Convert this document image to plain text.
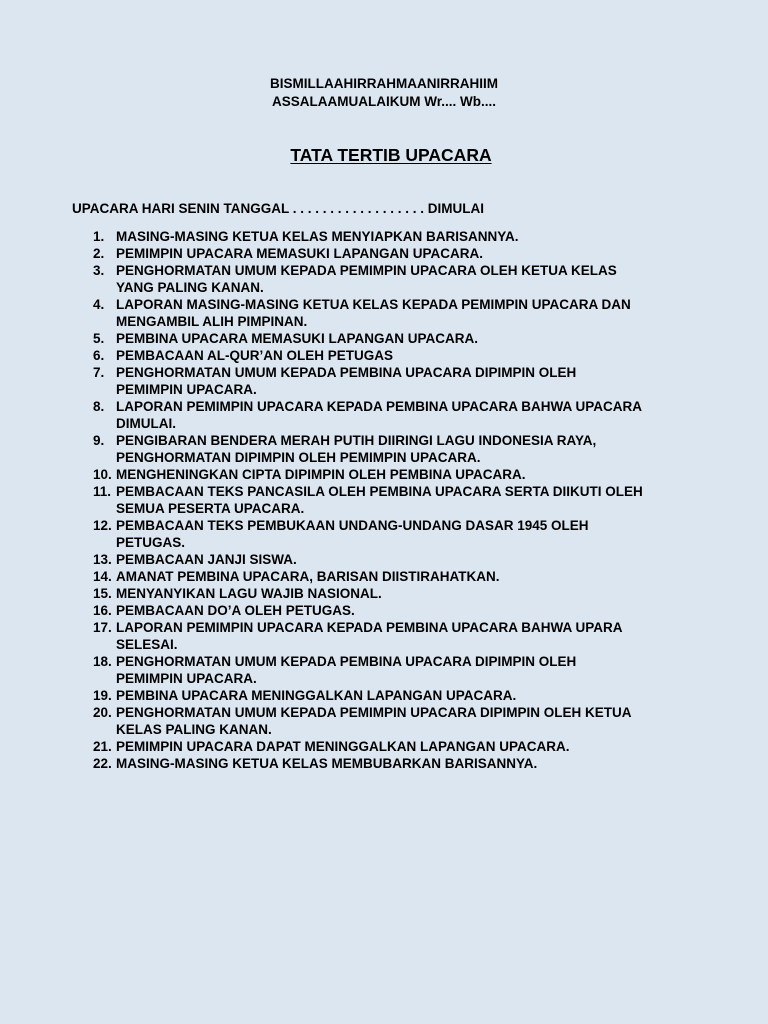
BISMILLAAHIRRAHMAANIRRAHIIM
ASSALAAMUALAIKUM Wr.... Wb....
TATA TERTIB UPACARA
UPACARA HARI SENIN TANGGAL . . . . . . . . . . . . . . . . . . DIMULAI
1. MASING-MASING KETUA KELAS MENYIAPKAN BARISANNYA.
2. PEMIMPIN UPACARA MEMASUKI LAPANGAN UPACARA.
3. PENGHORMATAN UMUM KEPADA PEMIMPIN UPACARA OLEH KETUA KELAS
YANG PALING KANAN.
4. LAPORAN MASING-MASING KETUA KELAS KEPADA PEMIMPIN UPACARA DAN
MENGAMBIL ALIH PIMPINAN.
5. PEMBINA UPACARA MEMASUKI LAPANGAN UPACARA.
6. PEMBACAAN AL-QUR’AN OLEH PETUGAS
7. PENGHORMATAN UMUM KEPADA PEMBINA UPACARA DIPIMPIN OLEH
PEMIMPIN UPACARA.
8. LAPORAN PEMIMPIN UPACARA KEPADA PEMBINA UPACARA BAHWA UPACARA
DIMULAI.
9. PENGIBARAN BENDERA MERAH PUTIH DIIRINGI LAGU INDONESIA RAYA,
PENGHORMATAN DIPIMPIN OLEH PEMIMPIN UPACARA.
10. MENGHENINGKAN CIPTA DIPIMPIN OLEH PEMBINA UPACARA.
11. PEMBACAAN TEKS PANCASILA OLEH PEMBINA UPACARA SERTA DIIKUTI OLEH
SEMUA PESERTA UPACARA.
12. PEMBACAAN TEKS PEMBUKAAN UNDANG-UNDANG DASAR 1945 OLEH
PETUGAS.
13. PEMBACAAN JANJI SISWA.
14. AMANAT PEMBINA UPACARA, BARISAN DIISTIRAHATKAN.
15. MENYANYIKAN LAGU WAJIB NASIONAL.
16. PEMBACAAN DO’A OLEH PETUGAS.
17. LAPORAN PEMIMPIN UPACARA KEPADA PEMBINA UPACARA BAHWA UPARA
SELESAI.
18. PENGHORMATAN UMUM KEPADA PEMBINA UPACARA DIPIMPIN OLEH
PEMIMPIN UPACARA.
19. PEMBINA UPACARA MENINGGALKAN LAPANGAN UPACARA.
20. PENGHORMATAN UMUM KEPADA PEMIMPIN UPACARA DIPIMPIN OLEH KETUA
KELAS PALING KANAN.
21. PEMIMPIN UPACARA DAPAT MENINGGALKAN LAPANGAN UPACARA.
22. MASING-MASING KETUA KELAS MEMBUBARKAN BARISANNYA.
